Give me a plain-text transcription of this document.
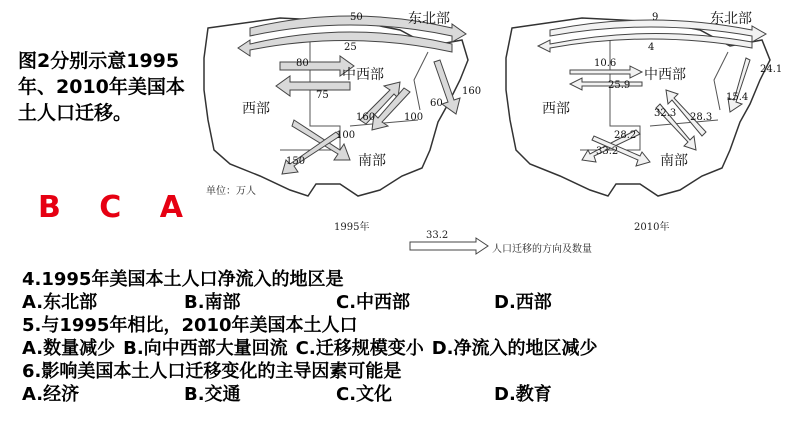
图2分别示意1995年、2010年美国本土人口迁移。
B C A
东北部
中西部
西部
南部
单位：万人
1995年
50
25
80
75
100
160	100
60
160
150
东北部
中西部
西部
南部
2010年
9
4
10.6
25.9
32.3 28.3
28.2
33.2
24.1
15.4
33.2
人口迁移的方向及数量
4.1995年美国本土人口净流入的地区是
A.东北部	B.南部	C.中西部	D.西部
5.与1995年相比，2010年美国本土人口
A.数量减少 B.向中西部大量回流 C.迁移规模变小 D.净流入的地区减少
6.影响美国本土人口迁移变化的主导因素可能是
A.经济	B.交通	C.文化	D.教育
